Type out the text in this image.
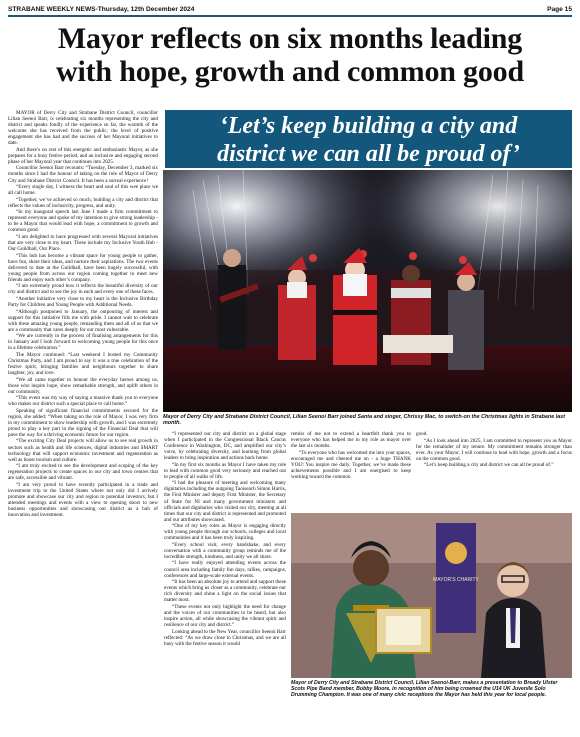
STRABANE WEEKLY NEWS-Thursday, 12th December 2024	Page 15
Mayor reflects on six months leading
with hope, growth and common good

MAYOR of Derry City and Strabane District Council, councillor Lilian Seenoi Barr, is celebrating six months representing the city and district and speaks fondly of the experience so far, the warmth of the welcome she has received from the public, the level of positive engagement she has had and the success of her Mayoral initiatives to date.

And there’s no rest of this energetic and enthusiastic Mayor, as she prepares for a busy festive period, and an inclusive and engaging second phase of her Mayoral year that continues into 2025.

Councillor Seenoi Barr recounts: “Tuesday, December 3, marked six months since I had the honour of taking on the role of Mayor of Derry City and Strabane District Council. It has been a surreal experience!

“Every single day, I witness the heart and soul of this wee place we all call home.

“Together, we’ve achieved so much, building a city and district that reflects the values of inclusivity, progress, and unity.

“In my inaugural speech last June I made a firm commitment to represent everyone and spoke of my intention to give strong leadership - to be a Mayor that would lead with hope, a commitment to growth and common good.

“I am delighted to have progressed with several Mayoral initiatives that are very close to my heart. These include my Inclusive Youth Hub - Our Guildhall, Our Place.

“This hub has become a vibrant space for young people to gather, have fun, share their ideas, and nurture their aspirations. The two events delivered to date at the Guildhall, have been hugely successful, with young people from across our region coming together to meet new friends and enjoy each other’s company.

“I am extremely proud how it reflects the beautiful diversity of our city and district and to see the joy in each and every one of these faces.

“Another initiative very close to my heart is the Inclusive Birthday Party for Children and Young People with Additional Needs.

“Although postponed to January, the outpouring of interest and support for this initiative fills me with pride. I cannot wait to celebrate with these amazing young people, remanding them and all of us that we are a community that cares deeply for our most vulnerable.

“We are currently in the process of finalising arrangements for this in January and I look forward to welcoming young people for this once in a lifetime celebration.”

The Mayor continued: “Last weekend I hosted my Community Christmas Party, and I am proud to say it was a true celebration of the festive spirit, bringing families and neighbours together to share laughter, joy, and love.

“We all came together to honour the everyday heroes among us, those who inspire hope, show remarkable strength, and uplift others in our community.

“This event was my way of saying a massive thank you to everyone who makes our district such a special place to call home.”

Speaking of significant financial commitments secured for the region, she added: “When taking on the role of Mayor, I was very firm in my commitment to show leadership with growth, and I was extremely proud to play a key part in the signing of the Financial Deal that will pave the way for a thriving economic future for our region.

“The exciting City Deal projects will allow us to see real growth in sectors such as health and life sciences, digital industries and SMART technology that will support economic investment and regeneration as well as boost tourism and culture.

“I am truly excited to see the development and scoping of the key regeneration projects to create spaces in our city and town centres that are safe, accessible and vibrant.

“I am very proud to have recently participated in a trade and investment trip to the United States where not only did I actively promote and showcase our city and region to potential investors, but I attended meetings and events with a view to opening doors to new business opportunities and showcasing our district as a hub of innovation and investment.

‘Let’s keep building a city and
district we can all be proud of’
Mayor of Derry City and Strabane District Council, Lilian Seenoi Barr joined Santa and singer, Chrissy Mac, to switch-on the Christmas lights in Strabane last month.

“I represented our city and district on a global stage when I participated in the Congressional Black Caucus Conference in Washington, DC, and amplified our city’s voice, by celebrating diversity, and learning from global leaders to bring inspiration and actions back home.

“In my first six months as Mayor I have taken my role to lead with common good very seriously and reached out to people of all walks of life.

“I had the pleasure of meeting and welcoming many dignitaries including the outgoing Taoiseach Simon Harris, the First Minister and deputy First Minister, the Secretary of State for NI and many government ministers and officials and dignitaries who visited our city, meeting at all times that our city and district is represented and promoted and our attributes showcased.

“One of my key roles as Mayor is engaging directly with young people through our schools, colleges and local communities and it has been truly inspiring.

“Every school visit, every handshake, and every conversation with a community group reminds me of the incredible strength, kindness, and unity we all share.

“I have really enjoyed attending events across the council area including family fun days, rallies, campaigns, conferences and large-scale external events.

“It has been an absolute joy to attend and support these events which bring us closer as a community, celebrate our rich diversity and shine a light on the social issues that matter most.

“These events not only highlight the need for change and the voices of our communities to be heard, but also inspire action, all while showcasing the vibrant spirit and resilience of our city and district.”

Looking ahead to the New Year, councillor Seenoi Barr reflected: “As we draw close to Christmas, and we are all busy with the festive season it would

remiss of me not to extend a heartfelt thank you to everyone who has helped me in my role as mayor over the last six months.

“To everyone who has welcomed me into your spaces, encouraged me and cheered me on - a huge THANK YOU! You inspire me daily. Together, we’ve made these achievements possible and I am energised to keep working toward the common

good.

“As I look ahead into 2025, I am committed to represent you as Mayor for the remainder of my tenure. My commitment remains stronger than ever. As your Mayor, I will continue to lead with hope, growth and a focus on the common good.

“Let’s keep building a city and district we can all be proud of.”

MAYOR’S CHARITY
Mayor of Derry City and Strabane District Council, Lilian Seenoi-Barr, makes a presentation to Bready Ulster Scots Pipe Band member, Bobby Moore, in recognition of him being crowned the U14 UK Juvenile Solo Drumming Champion. It was one of many civic receptions the Mayor has held this year for local people.
